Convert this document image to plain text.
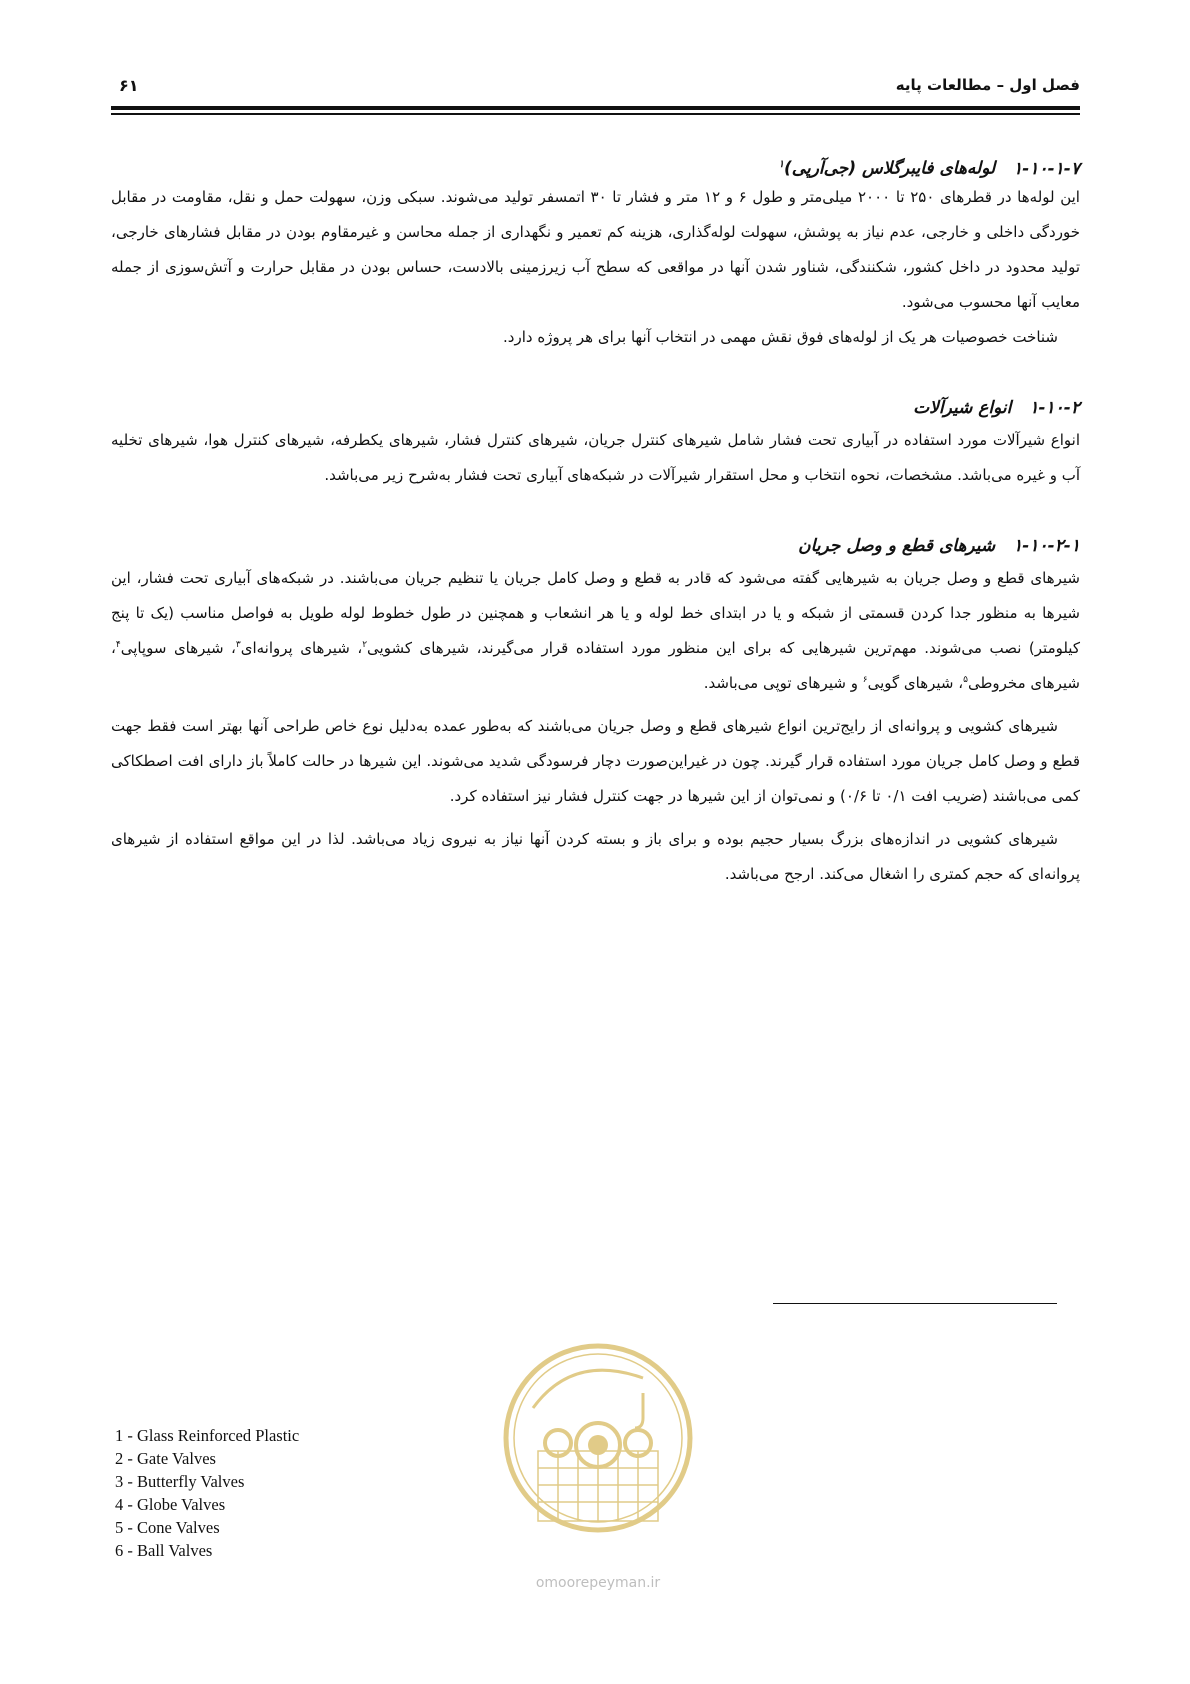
فصل اول – مطالعات پایه
۶۱
۱-۱۰-۱-۷لوله‌های فایبرگلاس (جی‌آرپی)$^۱$

این لوله‌ها در قطرهای ۲۵۰ تا ۲۰۰۰ میلی‌متر و طول ۶ و ۱۲ متر و فشار تا ۳۰ اتمسفر تولید می‌شوند. سبکی وزن، سهولت حمل و نقل، مقاومت در مقابل خوردگی داخلی و خارجی، عدم نیاز به پوشش، سهولت لوله‌گذاری، هزینه کم تعمیر و نگهداری از جمله محاسن و غیرمقاوم بودن در مقابل فشارهای خارجی، تولید محدود در داخل کشور، شکنندگی، شناور شدن آنها در مواقعی که سطح آب زیرزمینی بالادست، حساس بودن در مقابل حرارت و آتش‌سوزی از جمله معایب آنها محسوب می‌شود.

شناخت خصوصیات هر یک از لوله‌های فوق نقش مهمی در انتخاب آنها برای هر پروژه دارد.

۱-۱۰-۲انواع شیرآلات

انواع شیرآلات مورد استفاده در آبیاری تحت فشار شامل شیرهای کنترل جریان، شیرهای کنترل فشار، شیرهای یکطرفه، شیرهای کنترل هوا، شیرهای تخلیه آب و غیره می‌باشد. مشخصات، نحوه انتخاب و محل استقرار شیرآلات در شبکه‌های آبیاری تحت فشار به‌شرح زیر می‌باشد.

۱-۱۰-۲-۱شیرهای قطع و وصل جریان

شیرهای قطع و وصل جریان به شیرهایی گفته می‌شود که قادر به قطع و وصل کامل جریان یا تنظیم جریان می‌باشند. در شبکه‌های آبیاری تحت فشار، این شیرها به منظور جدا کردن قسمتی از شبکه و یا در ابتدای خط لوله و یا هر انشعاب و همچنین در طول خطوط لوله طویل به فواصل مناسب (یک تا پنج کیلومتر) نصب می‌شوند. مهم‌ترین شیرهایی که برای این منظور مورد استفاده قرار می‌گیرند، شیرهای کشویی$^۲$، شیرهای پروانه‌ای$^۳$، شیرهای سوپاپی$^۴$، شیرهای مخروطی$^۵$، شیرهای گویی$^۶$ و شیرهای توپی می‌باشد.

شیرهای کشویی و پروانه‌ای از رایج‌ترین انواع شیرهای قطع و وصل جریان می‌باشند که به‌طور عمده به‌دلیل نوع خاص طراحی آنها بهتر است فقط جهت قطع و وصل کامل جریان مورد استفاده قرار گیرند. چون در غیراین‌صورت دچار فرسودگی شدید می‌شوند. این شیرها در حالت کاملاً باز دارای افت اصطکاکی کمی می‌باشند (ضریب افت ۰/۱ تا ۰/۶) و نمی‌توان از این شیرها در جهت کنترل فشار نیز استفاده کرد.

شیرهای کشویی در اندازه‌های بزرگ بسیار حجیم بوده و برای باز و بسته کردن آنها نیاز به نیروی زیاد می‌باشد. لذا در این مواقع استفاده از شیرهای پروانه‌ای که حجم کمتری را اشغال می‌کند. ارجح می‌باشد.

omoorepeyman.ir
1 - Glass Reinforced Plastic
2 - Gate Valves
3 - Butterfly Valves
4 - Globe Valves
5 - Cone Valves
6 - Ball Valves
